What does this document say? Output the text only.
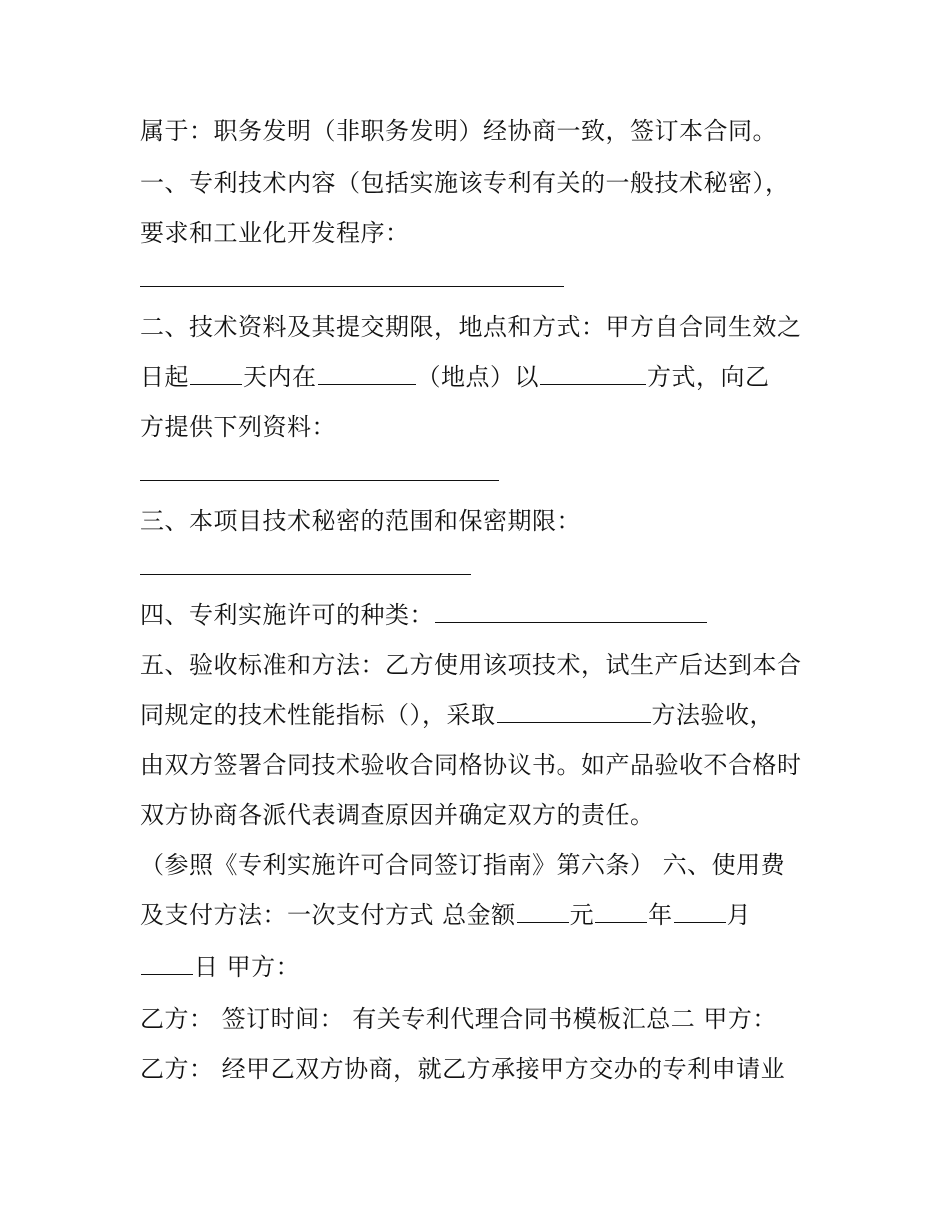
属于：职务发明（非职务发明）经协商一致，签订本合同。
一、专利技术内容（包括实施该专利有关的一般技术秘密），
要求和工业化开发程序：
二、技术资料及其提交期限，地点和方式：甲方自合同生效之
日起 天内在	（地点）以	方式，向乙
方提供下列资料：
三、本项目技术秘密的范围和保密期限：
四、专利实施许可的种类：
五、验收标准和方法：乙方使用该项技术，试生产后达到本合
同规定的技术性能指标（），采取	方法验收，
由双方签署合同技术验收合同格协议书。如产品验收不合格时
双方协商各派代表调查原因并确定双方的责任。
（参照《专利实施许可合同签订指南》第六条） 六、使用费
及支付方法：一次支付方式 总金额 元 年 月
日 甲方：
乙方： 签订时间： 有关专利代理合同书模板汇总二 甲方：
乙方： 经甲乙双方协商，就乙方承接甲方交办的专利申请业
